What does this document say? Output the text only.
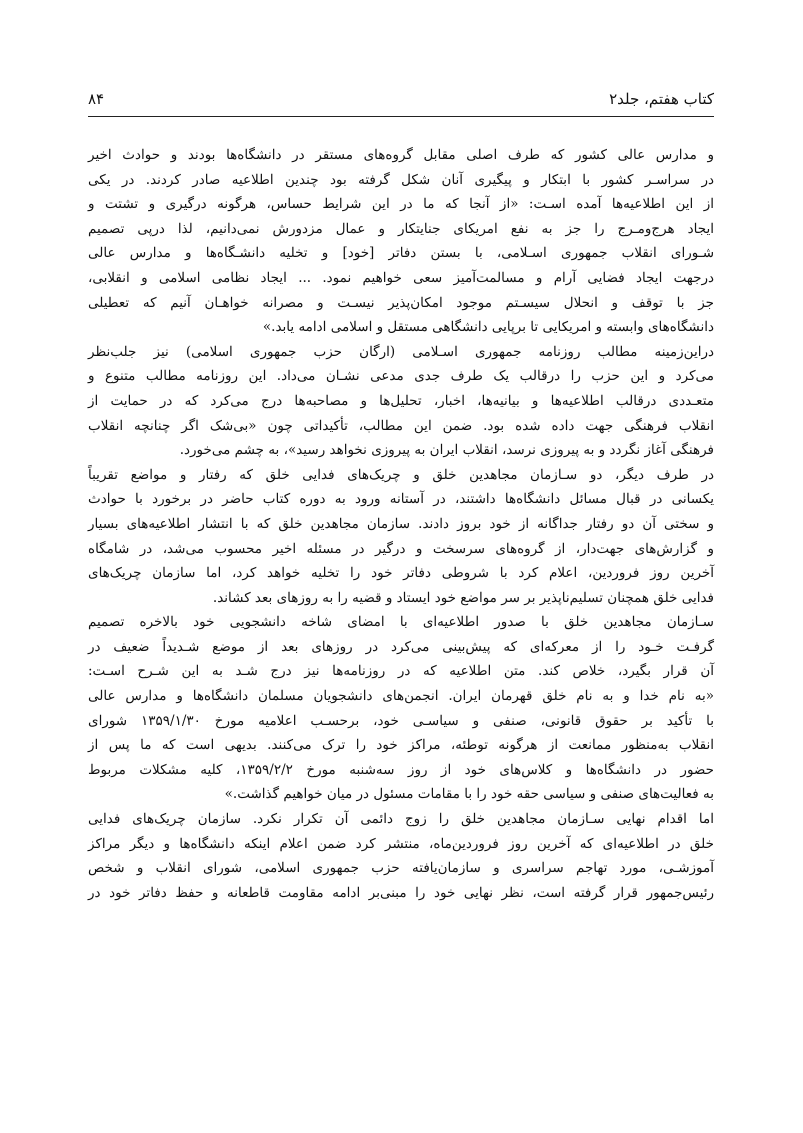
کتاب هفتم، جلد۲
۸۴

و مدارس عالی کشور که طرف اصلی مقابل گروه‌های مستقر در دانشگاه‌ها بودند و حوادث اخیر
در سراسـر کشور با ابتکار و پیگیری آنان شکل گرفته بود چندین اطلاعیه صادر کردند. در یکی
از این اطلاعیه‌ها آمده اسـت: «از آنجا که ما در این شرایط حساس، هرگونه درگیری و تشتت و
ایجاد هرج‌ومـرج را جز به نفع امریکای جنایتکار و عمال مزدورش نمی‌دانیم، لذا درپی تصمیم
شـورای انقلاب جمهوری اسـلامی، با بستن دفاتر [خود] و تخلیه دانشـگاه‌ها و مدارس عالی
درجهت ایجاد فضایی آرام و مسالمت‌آمیز سعی خواهیم نمود. ... ایجاد نظامی اسلامی و انقلابی،
جز با توقف و انحلال سیسـتم موجود امکان‌پذیر نیسـت و مصرانه خواهـان آنیم که تعطیلی
دانشگاه‌های وابسته و امریکایی تا برپایی دانشگاهی مستقل و اسلامی ادامه یابد.»

دراین‌زمینه مطالب روزنامه جمهوری اسـلامی (ارگان حزب جمهوری اسلامی) نیز جلب‌نظر
می‌کرد و این حزب را درقالب یک طرف جدی مدعی نشـان می‌داد. این روزنامه مطالب متنوع و
متعـددی درقالب اطلاعیه‌ها و بیانیه‌ها، اخبار، تحلیل‌ها و مصاحبه‌ها درج می‌کرد که در حمایت از
انقلاب فرهنگی جهت داده شده بود. ضمن این مطالب، تأکیداتی چون «بی‌شک اگر چنانچه انقلاب
فرهنگی آغاز نگردد و به پیروزی نرسد، انقلاب ایران به پیروزی نخواهد رسید»، به چشم می‌خورد.

در طرف دیگر، دو سـازمان مجاهدین خلق و چریک‌های فدایی خلق که رفتار و مواضع تقریباً
یکسانی در قبال مسائل دانشگاه‌ها داشتند، در آستانه ورود به دوره کتاب حاضر در برخورد با حوادث
و سختی آن دو رفتار جداگانه از خود بروز دادند. سازمان مجاهدین خلق که با انتشار اطلاعیه‌های بسیار
و گزارش‌های جهت‌دار، از گروه‌های سرسخت و درگیر در مسئله اخیر محسوب می‌شد، در شامگاه
آخرین روز فروردین، اعلام کرد با شروطی دفاتر خود را تخلیه خواهد کرد، اما سازمان چریک‌های
فدایی خلق همچنان تسلیم‌ناپذیر بر سر مواضع خود ایستاد و قضیه را به روزهای بعد کشاند.

سـازمان مجاهدین خلق با صدور اطلاعیه‌ای با امضای شاخه دانشجویی خود بالاخره تصمیم
گرفـت خـود را از معرکه‌ای که پیش‌بینی می‌کرد در روزهای بعد از موضع شـدیداً ضعیف در
آن قرار بگیرد، خلاص کند. متن اطلاعیه که در روزنامه‌ها نیز درج شـد به این شـرح اسـت:
«به نام خدا و به نام خلق قهرمان ایران. انجمن‌های دانشجویان مسلمان دانشگاه‌ها و مدارس عالی
با تأکید بر حقوق قانونی، صنفی و سیاسـی خود، برحسـب اعلامیه مورخ ۱۳۵۹/۱/۳۰ شورای
انقلاب به‌منظور ممانعت از هرگونه توطئه، مراکز خود را ترک می‌کنند. بدیهی است که ما پس از
حضور در دانشگاه‌ها و کلاس‌های خود از روز سه‌شنبه مورخ ۱۳۵۹/۲/۲، کلیه مشکلات مربوط
به فعالیت‌های صنفی و سیاسی حقه خود را با مقامات مسئول در میان خواهیم گذاشت.»

اما اقدام نهایی سـازمان مجاهدین خلق را زوج دائمی آن تکرار نکرد. سازمان چریک‌های فدایی
خلق در اطلاعیه‌ای که آخرین روز فروردین‌ماه، منتشر کرد ضمن اعلام اینکه دانشگاه‌ها و دیگر مراکز
آموزشـی، مورد تهاجم سراسری و سازمان‌یافته حزب جمهوری اسلامی، شورای انقلاب و شخص
رئیس‌جمهور قرار گرفته است، نظر نهایی خود را مبنی‌بر ادامه مقاومت قاطعانه و حفظ دفاتر خود در
